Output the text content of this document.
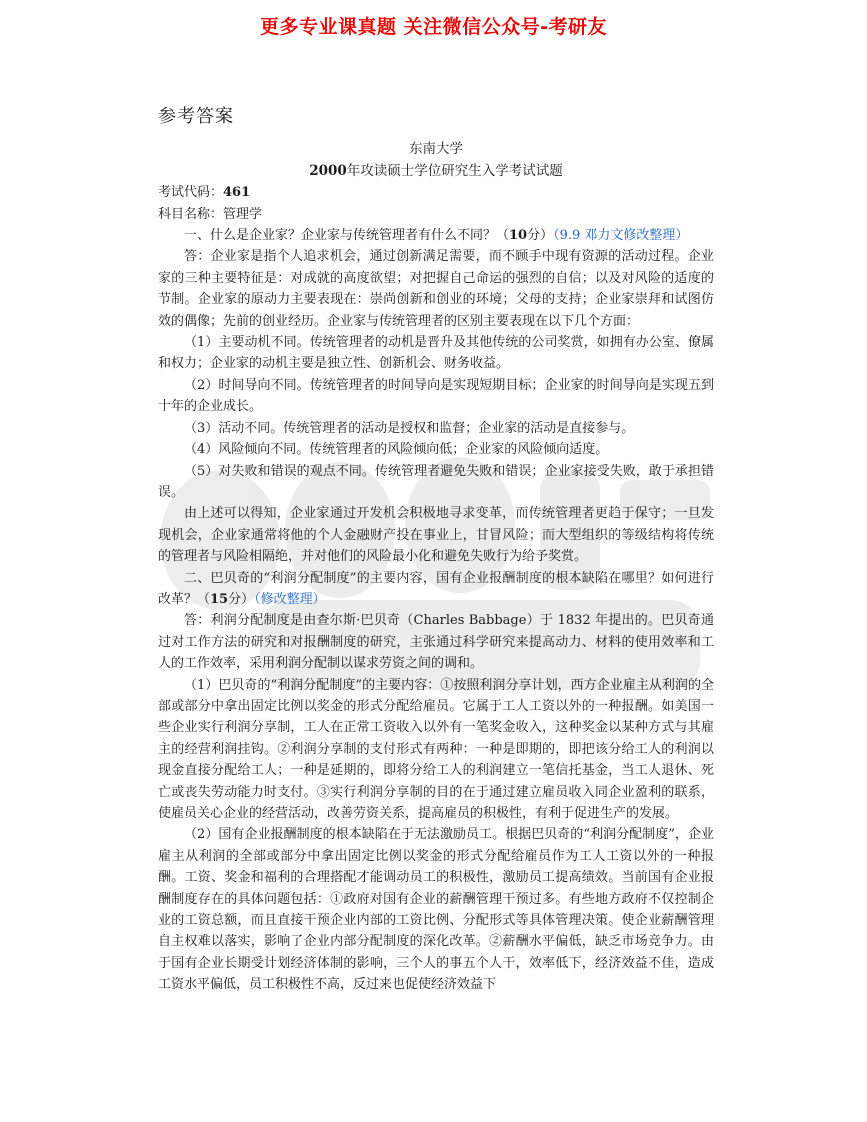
更多专业课真题 关注微信公众号-考研友
参考答案
东南大学
2000年攻读硕士学位研究生入学考试试题
考试代码：461
科目名称：管理学

一、什么是企业家？企业家与传统管理者有什么不同？（10分）（9.9 邓力文修改整理）

答：企业家是指个人追求机会，通过创新满足需要，而不顾手中现有资源的活动过程。企业家的三种主要特征是：对成就的高度欲望；对把握自己命运的强烈的自信；以及对风险的适度的节制。企业家的原动力主要表现在：崇尚创新和创业的环境；父母的支持；企业家崇拜和试图仿效的偶像；先前的创业经历。企业家与传统管理者的区别主要表现在以下几个方面：

（1）主要动机不同。传统管理者的动机是晋升及其他传统的公司奖赏，如拥有办公室、僚属和权力；企业家的动机主要是独立性、创新机会、财务收益。

（2）时间导向不同。传统管理者的时间导向是实现短期目标；企业家的时间导向是实现五到十年的企业成长。

（3）活动不同。传统管理者的活动是授权和监督；企业家的活动是直接参与。

（4）风险倾向不同。传统管理者的风险倾向低；企业家的风险倾向适度。

（5）对失败和错误的观点不同。传统管理者避免失败和错误；企业家接受失败，敢于承担错误。

由上述可以得知，企业家通过开发机会积极地寻求变革，而传统管理者更趋于保守；一旦发现机会，企业家通常将他的个人金融财产投在事业上，甘冒风险；而大型组织的等级结构将传统的管理者与风险相隔绝，并对他们的风险最小化和避免失败行为给予奖赏。

二、巴贝奇的“利润分配制度”的主要内容，国有企业报酬制度的根本缺陷在哪里？如何进行改革？（15分）（修改整理）

答：利润分配制度是由查尔斯·巴贝奇（Charles Babbage）于 1832 年提出的。巴贝奇通过对工作方法的研究和对报酬制度的研究，主张通过科学研究来提高动力、材料的使用效率和工人的工作效率，采用利润分配制以谋求劳资之间的调和。

（1）巴贝奇的“利润分配制度”的主要内容：①按照利润分享计划，西方企业雇主从利润的全部或部分中拿出固定比例以奖金的形式分配给雇员。它属于工人工资以外的一种报酬。如美国一些企业实行利润分享制，工人在正常工资收入以外有一笔奖金收入，这种奖金以某种方式与其雇主的经营利润挂钩。②利润分享制的支付形式有两种：一种是即期的，即把该分给工人的利润以现金直接分配给工人；一种是延期的，即将分给工人的利润建立一笔信托基金，当工人退休、死亡或丧失劳动能力时支付。③实行利润分享制的目的在于通过建立雇员收入同企业盈利的联系，使雇员关心企业的经营活动，改善劳资关系，提高雇员的积极性，有利于促进生产的发展。

（2）国有企业报酬制度的根本缺陷在于无法激励员工。根据巴贝奇的“利润分配制度”，企业雇主从利润的全部或部分中拿出固定比例以奖金的形式分配给雇员作为工人工资以外的一种报酬。工资、奖金和福利的合理搭配才能调动员工的积极性，激励员工提高绩效。当前国有企业报酬制度存在的具体问题包括：①政府对国有企业的薪酬管理干预过多。有些地方政府不仅控制企业的工资总额，而且直接干预企业内部的工资比例、分配形式等具体管理决策。使企业薪酬管理自主权难以落实，影响了企业内部分配制度的深化改革。②薪酬水平偏低，缺乏市场竞争力。由于国有企业长期受计划经济体制的影响，三个人的事五个人干，效率低下，经济效益不佳，造成工资水平偏低，员工积极性不高，反过来也促使经济效益下
